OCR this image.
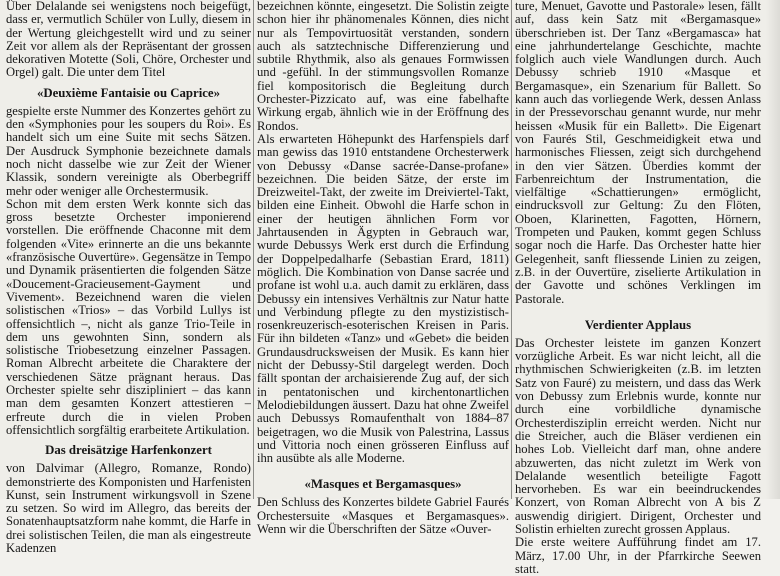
Über Delalande sei wenigstens noch beigefügt, dass er, vermutlich Schüler von Lully, diesem in der Wertung gleichgestellt wird und zu seiner Zeit vor allem als der Repräsentant der grossen dekorativen Motette (Soli, Chöre, Orchester und Orgel) galt. Die unter dem Titel

«Deuxième Fantaisie ou Caprice»

gespielte erste Nummer des Konzertes gehört zu den «Symphonies pour les soupers du Roi». Es handelt sich um eine Suite mit sechs Sätzen. Der Ausdruck Symphonie bezeichnete damals noch nicht dasselbe wie zur Zeit der Wiener Klassik, sondern vereinigte als Oberbegriff mehr oder weniger alle Orchestermusik.

Schon mit dem ersten Werk konnte sich das gross besetzte Orchester imponierend vorstellen. Die eröffnende Chaconne mit dem folgenden «Vite» erinnerte an die uns bekannte «französische Ouvertüre». Gegensätze in Tempo und Dynamik präsentierten die folgenden Sätze «Doucement-Gracieusement-Gayment und Vivement». Bezeichnend waren die vielen solistischen «Trios» – das Vorbild Lullys ist offensichtlich –, nicht als ganze Trio-Teile in dem uns gewohnten Sinn, sondern als solistische Triobesetzung einzelner Passagen. Roman Albrecht arbeitete die Charaktere der verschiedenen Sätze prägnant heraus. Das Orchester spielte sehr diszipliniert – das kann man dem gesamten Konzert attestieren – erfreute durch die in vielen Proben offensichtlich sorgfältig erarbeitete Artikulation.

Das dreisätzige Harfenkonzert

von Dalvimar (Allegro, Romanze, Rondo) demonstrierte des Komponisten und Harfenisten Kunst, sein Instrument wirkungsvoll in Szene zu setzen. So wird im Allegro, das bereits der Sonatenhauptsatzform nahe kommt, die Harfe in drei solistischen Teilen, die man als eingestreute Kadenzen

bezeichnen könnte, eingesetzt. Die Solistin zeigte schon hier ihr phänomenales Können, dies nicht nur als Tempovirtuosität verstanden, sondern auch als satztechnische Differenzierung und subtile Rhythmik, also als genaues Formwissen und -gefühl. In der stimmungsvollen Romanze fiel kompositorisch die Begleitung durch Orchester-Pizzicato auf, was eine fabelhafte Wirkung ergab, ähnlich wie in der Eröffnung des Rondos.

Als erwarteten Höhepunkt des Harfenspiels darf man gewiss das 1910 entstandene Orchesterwerk von Debussy «Danse sacrée-Danse-profane» bezeichnen. Die beiden Sätze, der erste im Dreizweitel-Takt, der zweite im Dreiviertel-Takt, bilden eine Einheit. Obwohl die Harfe schon in einer der heutigen ähnlichen Form vor Jahrtausenden in Ägypten in Gebrauch war, wurde Debussys Werk erst durch die Erfindung der Doppelpedalharfe (Sebastian Erard, 1811) möglich. Die Kombination von Danse sacrée und profane ist wohl u.a. auch damit zu erklären, dass Debussy ein intensives Verhältnis zur Natur hatte und Verbindung pflegte zu den mystizistisch-rosenkreuzerisch-esoterischen Kreisen in Paris. Für ihn bildeten «Tanz» und «Gebet» die beiden Grundausdrucksweisen der Musik. Es kann hier nicht der Debussy-Stil dargelegt werden. Doch fällt spontan der archaisierende Zug auf, der sich in pentatonischen und kirchentonartlichen Melodiebildungen äussert. Dazu hat ohne Zweifel auch Debussys Romaufenthalt von 1884–87 beigetragen, wo die Musik von Palestrina, Lassus und Vittoria noch einen grösseren Einfluss auf ihn ausübte als alle Moderne.

«Masques et Bergamasques»

Den Schluss des Konzertes bildete Gabriel Faurés Orchestersuite «Masques et Bergamasques». Wenn wir die Überschriften der Sätze «Ouver-

ture, Menuet, Gavotte und Pastorale» lesen, fällt auf, dass kein Satz mit «Bergamasque» überschrieben ist. Der Tanz «Bergamasca» hat eine jahrhundertelange Geschichte, machte folglich auch viele Wandlungen durch. Auch Debussy schrieb 1910 «Masque et Bergamasque», ein Szenarium für Ballett. So kann auch das vorliegende Werk, dessen Anlass in der Pressevorschau genannt wurde, nur mehr heissen «Musik für ein Ballett». Die Eigenart von Faurés Stil, Geschmeidigkeit etwa und harmonisches Fliessen, zeigt sich durchgehend in den vier Sätzen. Überdies kommt der Farbenreichtum der Instrumentation, die vielfältige «Schattierungen» ermöglicht, eindrucksvoll zur Geltung: Zu den Flöten, Oboen, Klarinetten, Fagotten, Hörnern, Trompeten und Pauken, kommt gegen Schluss sogar noch die Harfe. Das Orchester hatte hier Gelegenheit, sanft fliessende Linien zu zeigen, z.B. in der Ouvertüre, ziselierte Artikulation in der Gavotte und schönes Verklingen im Pastorale.

Verdienter Applaus

Das Orchester leistete im ganzen Konzert vorzügliche Arbeit. Es war nicht leicht, all die rhythmischen Schwierigkeiten (z.B. im letzten Satz von Fauré) zu meistern, und dass das Werk von Debussy zum Erlebnis wurde, konnte nur durch eine vorbildliche dynamische Orchesterdisziplin erreicht werden. Nicht nur die Streicher, auch die Bläser verdienen ein hohes Lob. Vielleicht darf man, ohne andere abzuwerten, das nicht zuletzt im Werk von Delalande wesentlich beteiligte Fagott hervorheben. Es war ein beeindruckendes Konzert, von Roman Albrecht von A bis Z auswendig dirigiert. Dirigent, Orchester und Solistin erhielten zurecht grossen Applaus.

Die erste weitere Aufführung findet am 17. März, 17.00 Uhr, in der Pfarrkirche Seewen statt.
